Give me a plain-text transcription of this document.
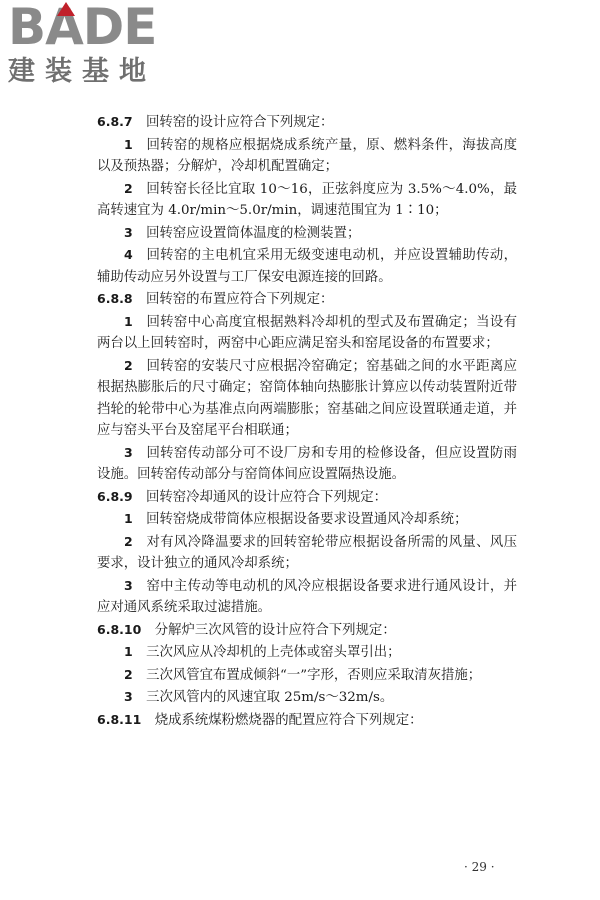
BADE
建装基地

6.8.7  回转窑的设计应符合下列规定：

1  回转窑的规格应根据烧成系统产量，原、燃料条件，海拔高度以及预热器；分解炉，冷却机配置确定；

2  回转窑长径比宜取 10～16，正弦斜度应为 3.5%～4.0%，最高转速宜为 4.0r/min～5.0r/min，调速范围宜为 1∶10；

3  回转窑应设置筒体温度的检测装置；

4  回转窑的主电机宜采用无级变速电动机，并应设置辅助传动，辅助传动应另外设置与工厂保安电源连接的回路。

6.8.8  回转窑的布置应符合下列规定：

1  回转窑中心高度宜根据熟料冷却机的型式及布置确定；当设有两台以上回转窑时，两窑中心距应满足窑头和窑尾设备的布置要求；

2  回转窑的安装尺寸应根据冷窑确定；窑基础之间的水平距离应根据热膨胀后的尺寸确定；窑筒体轴向热膨胀计算应以传动装置附近带挡轮的轮带中心为基准点向两端膨胀；窑基础之间应设置联通走道，并应与窑头平台及窑尾平台相联通；

3  回转窑传动部分可不设厂房和专用的检修设备，但应设置防雨设施。回转窑传动部分与窑筒体间应设置隔热设施。

6.8.9  回转窑冷却通风的设计应符合下列规定：

1  回转窑烧成带筒体应根据设备要求设置通风冷却系统；

2  对有风冷降温要求的回转窑轮带应根据设备所需的风量、风压要求，设计独立的通风冷却系统；

3  窑中主传动等电动机的风冷应根据设备要求进行通风设计，并应对通风系统采取过滤措施。

6.8.10  分解炉三次风管的设计应符合下列规定：

1  三次风应从冷却机的上壳体或窑头罩引出；

2  三次风管宜布置成倾斜“一”字形，否则应采取清灰措施；

3  三次风管内的风速宜取 25m/s～32m/s。

6.8.11  烧成系统煤粉燃烧器的配置应符合下列规定：

· 29 ·
